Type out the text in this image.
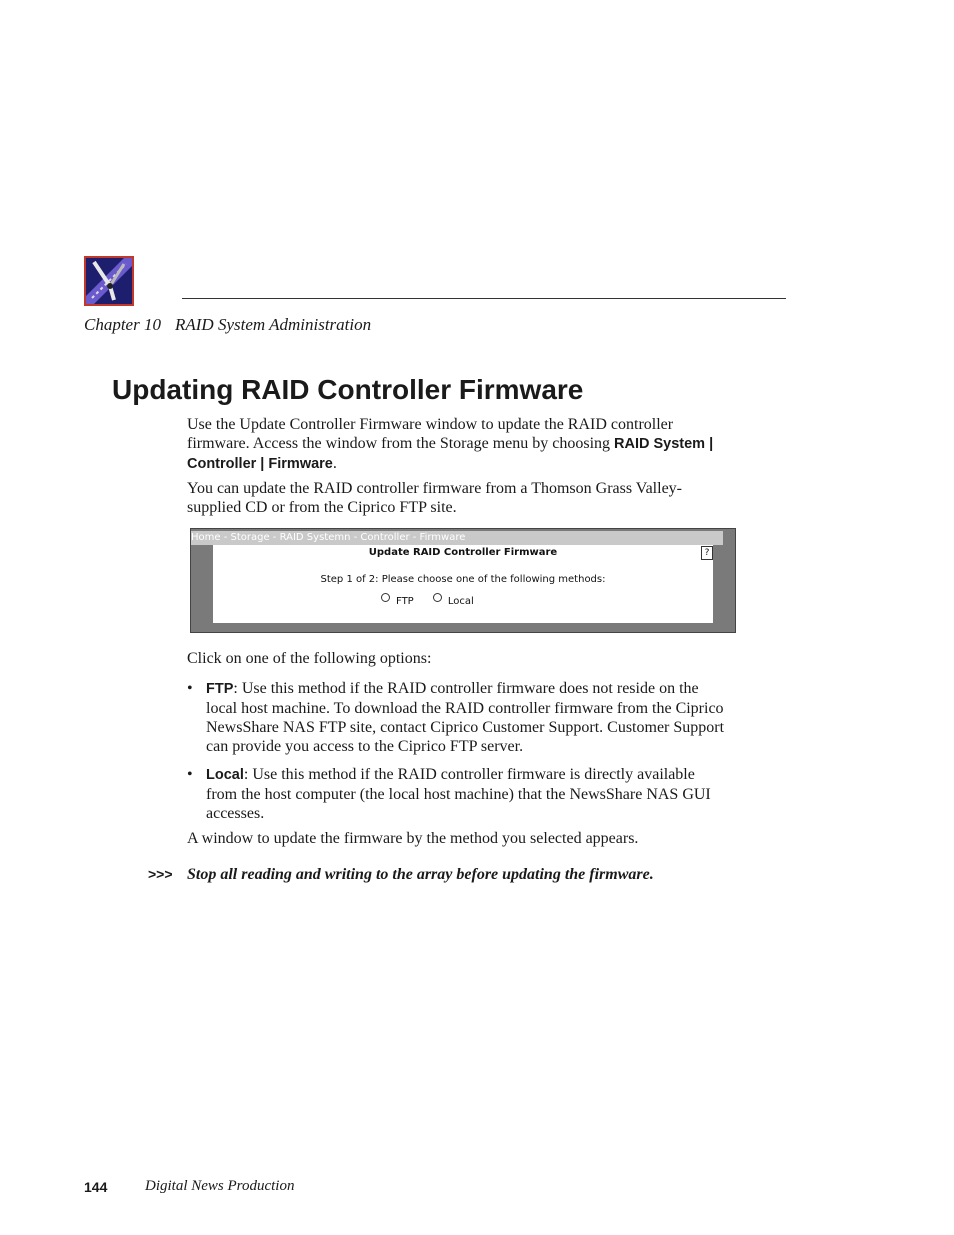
Chapter 10 RAID System Administration
Updating RAID Controller Firmware
Use the Update Controller Firmware window to update the RAID controller firmware. Access the window from the Storage menu by choosing RAID System | Controller | Firmware.
You can update the RAID controller firmware from a Thomson Grass Valley-supplied CD or from the Ciprico FTP site.
Home - Storage - RAID Systemn - Controller - Firmware
Update RAID Controller Firmware	?
Step 1 of 2: Please choose one of the following methods:
FTP	Local
Click on one of the following options:
• FTP: Use this method if the RAID controller firmware does not reside on the local host machine. To download the RAID controller firmware from the Ciprico NewsShare NAS FTP site, contact Ciprico Customer Support. Customer Support can provide you access to the Ciprico FTP server.
• Local: Use this method if the RAID controller firmware is directly available from the host computer (the local host machine) that the NewsShare NAS GUI accesses.
A window to update the firmware by the method you selected appears.
>>> Stop all reading and writing to the array before updating the firmware.
144	Digital News Production
